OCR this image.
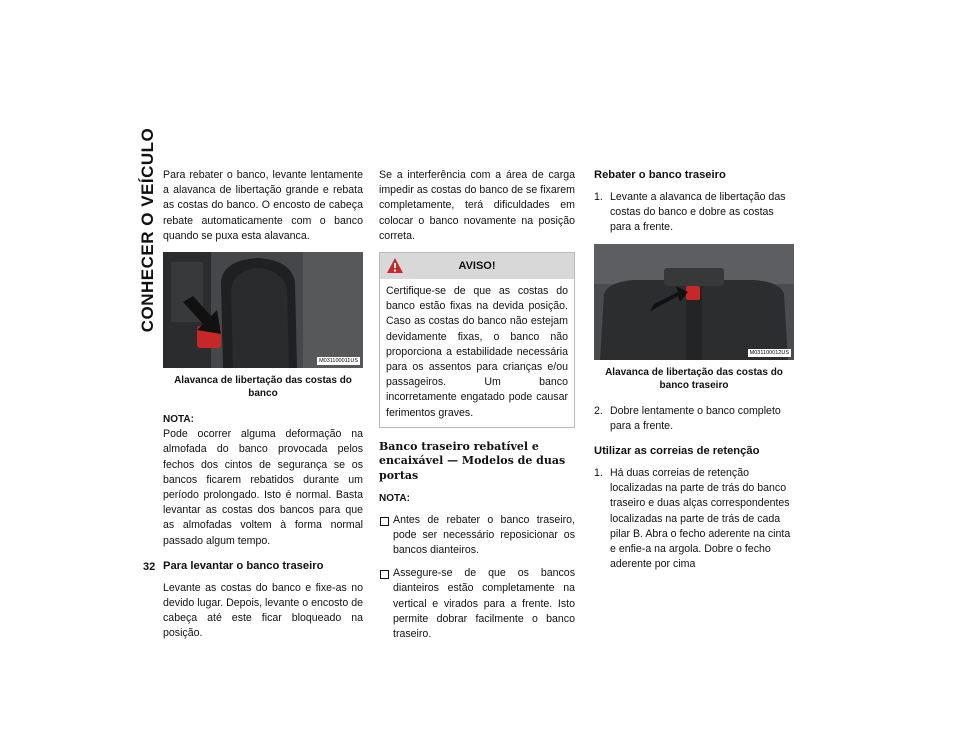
CONHECER O VEÍCULO
32

Para rebater o banco, levante lentamente a alavanca de libertação grande e rebata as costas do banco. O encosto de cabeça rebate automaticamente com o banco quando se puxa esta alavanca.

M031100011US
Alavanca de libertação das costas do banco
NOTA:

Pode ocorrer alguma deformação na almofada do banco provocada pelos fechos dos cintos de segurança se os bancos ficarem rebatidos durante um período prolongado. Isto é normal. Basta levantar as costas dos bancos para que as almofadas voltem à forma normal passado algum tempo.

Para levantar o banco traseiro

Levante as costas do banco e fixe-as no devido lugar. Depois, levante o encosto de cabeça até este ficar bloqueado na posição.

Se a interferência com a área de carga impedir as costas do banco de se fixarem completamente, terá dificuldades em colocar o banco novamente na posição correta.

AVISO!
Certifique-se de que as costas do banco estão fixas na devida posição. Caso as costas do banco não estejam devidamente fixas, o banco não proporciona a estabilidade necessária para os assentos para crianças e/ou passageiros. Um banco incorretamente engatado pode causar ferimentos graves.
Banco traseiro rebatível e encaixável — Modelos de duas portas
NOTA:
Antes de rebater o banco traseiro, pode ser necessário reposicionar os bancos dianteiros.
Assegure-se de que os bancos dianteiros estão completamente na vertical e virados para a frente. Isto permite dobrar facilmente o banco traseiro.
Rebater o banco traseiro
1. Levante a alavanca de libertação das costas do banco e dobre as costas para a frente.
M031100012US
Alavanca de libertação das costas do banco traseiro
2. Dobre lentamente o banco completo para a frente.
Utilizar as correias de retenção
1. Há duas correias de retenção localizadas na parte de trás do banco traseiro e duas alças correspondentes localizadas na parte de trás de cada pilar B. Abra o fecho aderente na cinta e enfie-a na argola. Dobre o fecho aderente por cima
